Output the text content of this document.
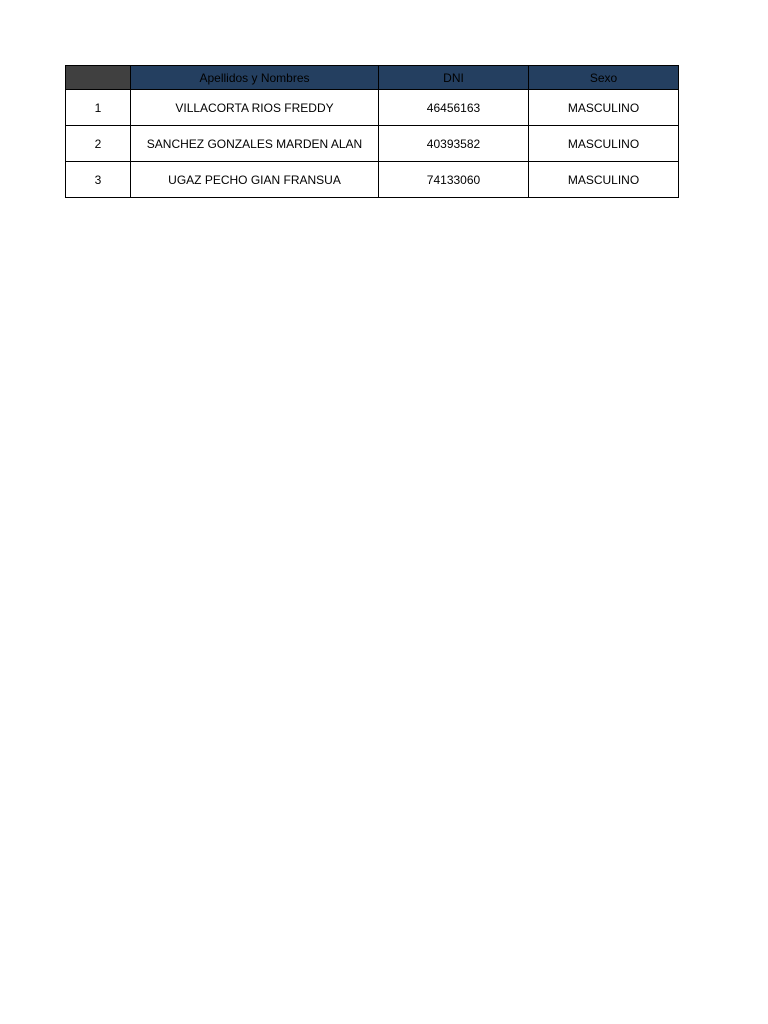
	Apellidos y Nombres	DNI	Sexo
1	VILLACORTA RIOS FREDDY	46456163	MASCULINO
2	SANCHEZ GONZALES MARDEN ALAN	40393582	MASCULINO
3	UGAZ PECHO GIAN FRANSUA	74133060	MASCULINO
